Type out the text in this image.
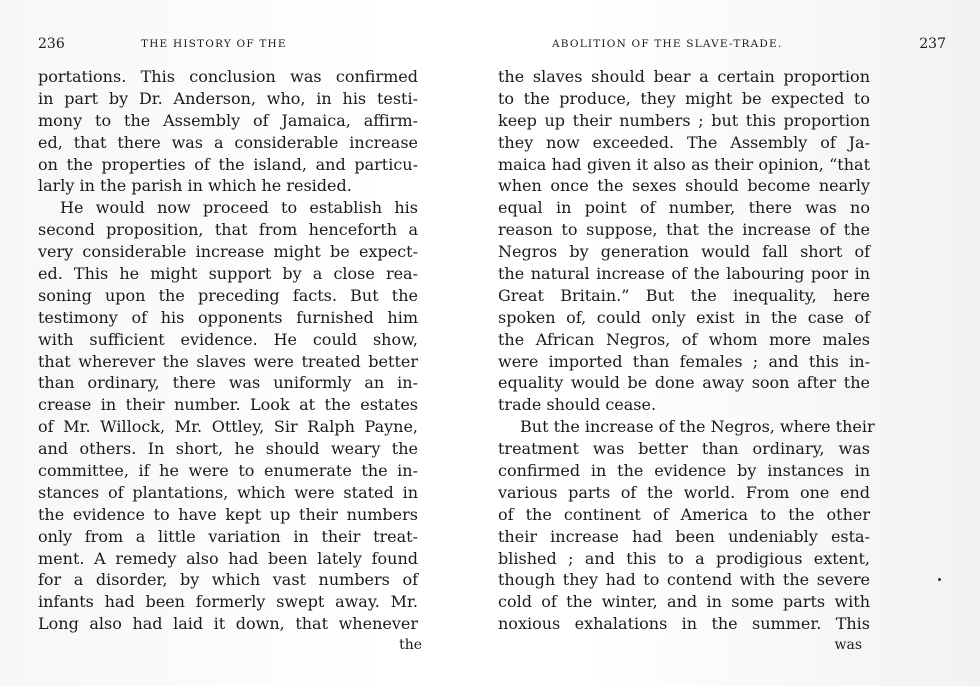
236	THE HISTORY OF THE
portations. This conclusion was confirmed
in part by Dr. Anderson, who, in his testi-
mony to the Assembly of Jamaica, affirm-
ed, that there was a considerable increase
on the properties of the island, and particu-
larly in the parish in which he resided.
He would now proceed to establish his
second proposition, that from henceforth a
very considerable increase might be expect-
ed. This he might support by a close rea-
soning upon the preceding facts. But the
testimony of his opponents furnished him
with sufficient evidence. He could show,
that wherever the slaves were treated better
than ordinary, there was uniformly an in-
crease in their number. Look at the estates
of Mr. Willock, Mr. Ottley, Sir Ralph Payne,
and others. In short, he should weary the
committee, if he were to enumerate the in-
stances of plantations, which were stated in
the evidence to have kept up their numbers
only from a little variation in their treat-
ment. A remedy also had been lately found
for a disorder, by which vast numbers of
infants had been formerly swept away. Mr.
Long also had laid it down, that whenever
the
ABOLITION OF THE SLAVE-TRADE.	237
the slaves should bear a certain proportion
to the produce, they might be expected to
keep up their numbers ; but this proportion
they now exceeded. The Assembly of Ja-
maica had given it also as their opinion, “that
when once the sexes should become nearly
equal in point of number, there was no
reason to suppose, that the increase of the
Negros by generation would fall short of
the natural increase of the labouring poor in
Great Britain.” But the inequality, here
spoken of, could only exist in the case of
the African Negros, of whom more males
were imported than females ; and this in-
equality would be done away soon after the
trade should cease.
But the increase of the Negros, where their
treatment was better than ordinary, was
confirmed in the evidence by instances in
various parts of the world. From one end
of the continent of America to the other
their increase had been undeniably esta-
blished ; and this to a prodigious extent,
though they had to contend with the severe
cold of the winter, and in some parts with
noxious exhalations in the summer. This
was
